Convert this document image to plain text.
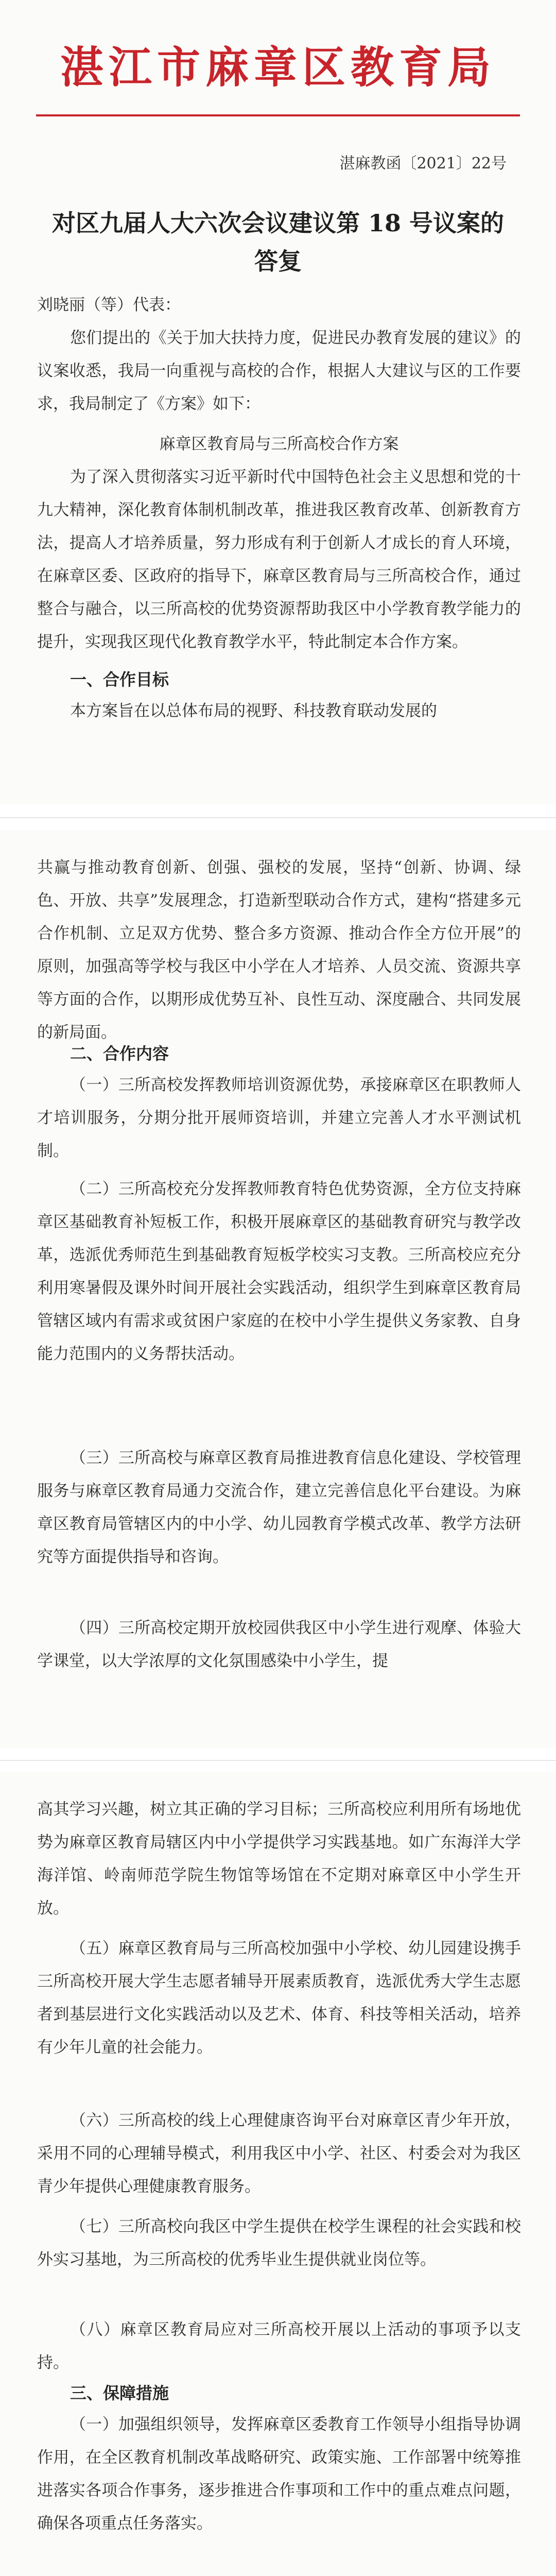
湛江市麻章区教育局
湛麻教函〔2021〕22号
对区九届人大六次会议建议第 18 号议案的
答复
刘晓丽（等）代表：
您们提出的《关于加大扶持力度，促进民办教育发展的建议》的议案收悉，我局一向重视与高校的合作，根据人大建议与区的工作要求，我局制定了《方案》如下：
麻章区教育局与三所高校合作方案
为了深入贯彻落实习近平新时代中国特色社会主义思想和党的十九大精神，深化教育体制机制改革，推进我区教育改革、创新教育方法，提高人才培养质量，努力形成有利于创新人才成长的育人环境，在麻章区委、区政府的指导下，麻章区教育局与三所高校合作，通过整合与融合，以三所高校的优势资源帮助我区中小学教育教学能力的提升，实现我区现代化教育教学水平，特此制定本合作方案。
一、合作目标
本方案旨在以总体布局的视野、科技教育联动发展的
共赢与推动教育创新、创强、强校的发展，坚持“创新、协调、绿色、开放、共享”发展理念，打造新型联动合作方式，建构“搭建多元合作机制、立足双方优势、整合多方资源、推动合作全方位开展”的原则，加强高等学校与我区中小学在人才培养、人员交流、资源共享等方面的合作，以期形成优势互补、良性互动、深度融合、共同发展的新局面。
二、合作内容
（一）三所高校发挥教师培训资源优势，承接麻章区在职教师人才培训服务，分期分批开展师资培训，并建立完善人才水平测试机制。
（二）三所高校充分发挥教师教育特色优势资源，全方位支持麻章区基础教育补短板工作，积极开展麻章区的基础教育研究与教学改革，选派优秀师范生到基础教育短板学校实习支教。三所高校应充分利用寒暑假及课外时间开展社会实践活动，组织学生到麻章区教育局管辖区域内有需求或贫困户家庭的在校中小学生提供义务家教、自身能力范围内的义务帮扶活动。
（三）三所高校与麻章区教育局推进教育信息化建设、学校管理服务与麻章区教育局通力交流合作，建立完善信息化平台建设。为麻章区教育局管辖区内的中小学、幼儿园教育学模式改革、教学方法研究等方面提供指导和咨询。
（四）三所高校定期开放校园供我区中小学生进行观摩、体验大学课堂，以大学浓厚的文化氛围感染中小学生，提
高其学习兴趣，树立其正确的学习目标；三所高校应利用所有场地优势为麻章区教育局辖区内中小学提供学习实践基地。如广东海洋大学海洋馆、岭南师范学院生物馆等场馆在不定期对麻章区中小学生开放。
（五）麻章区教育局与三所高校加强中小学校、幼儿园建设携手三所高校开展大学生志愿者辅导开展素质教育，选派优秀大学生志愿者到基层进行文化实践活动以及艺术、体育、科技等相关活动，培养有少年儿童的社会能力。
（六）三所高校的线上心理健康咨询平台对麻章区青少年开放，采用不同的心理辅导模式，利用我区中小学、社区、村委会对为我区青少年提供心理健康教育服务。
（七）三所高校向我区中学生提供在校学生课程的社会实践和校外实习基地，为三所高校的优秀毕业生提供就业岗位等。
（八）麻章区教育局应对三所高校开展以上活动的事项予以支持。
三、保障措施
（一）加强组织领导，发挥麻章区委教育工作领导小组指导协调作用，在全区教育机制改革战略研究、政策实施、工作部署中统筹推进落实各项合作事务，逐步推进合作事项和工作中的重点难点问题，确保各项重点任务落实。
